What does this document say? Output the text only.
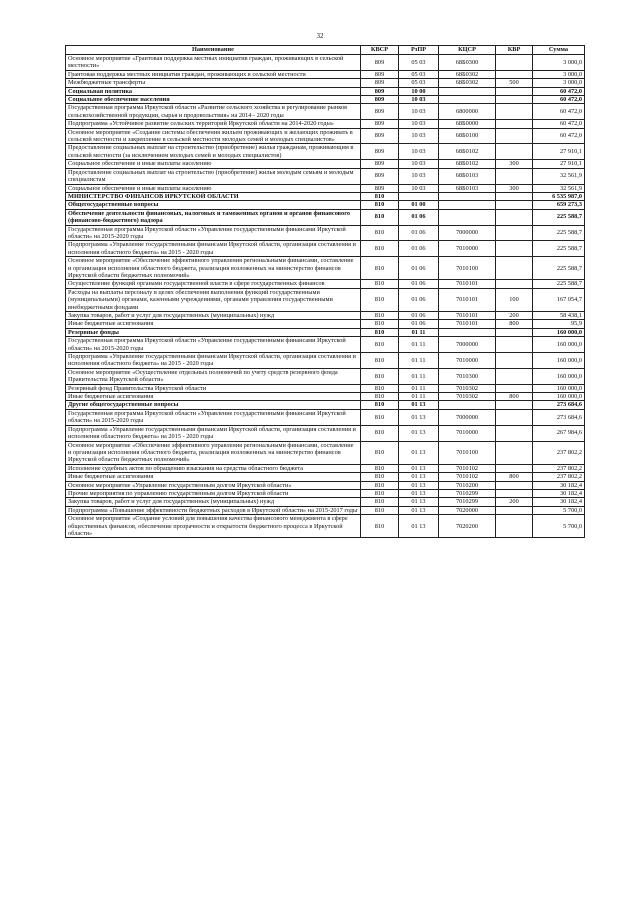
32
Наименование	КВСР	РзПР	КЦСР	КВР	Сумма
Основное мероприятие «Грантовая поддержка местных инициатив граждан, проживающих в сельской местности»	809	05 03	68Б0300		3 000,0
Грантовая поддержка местных инициатив граждан, проживающих в сельской местности	809	05 03	68Б0302		3 000,0
Межбюджетные трансферты	809	05 03	68Б0302	500	3 000,0
Социальная политика	809	10 00			60 472,0
Социальное обеспечение населения	809	10 03			60 472,0
Государственная программа Иркутской области «Развитие сельского хозяйства и регулирование рынков сельскохозяйственной продукции, сырья и продовольствия» на 2014 - 2020 годы	809	10 03	6800000		60 472,0
Подпрограмма «Устойчивое развитие сельских территорий Иркутской области на 2014-2020 годы»	809	10 03	68Б0000		60 472,0
Основное мероприятие «Создание системы обеспечения жильем проживающих и желающих проживать в сельской местности и закрепление в сельской местности молодых семей и молодых специалистов»	809	10 03	68Б0100		60 472,0
Предоставление социальных выплат на строительство (приобретение) жилья гражданам, проживающим в сельской местности (за исключением молодых семей и молодых специалистов)	809	10 03	68Б0102		27 910,1
Социальное обеспечение и иные выплаты населению	809	10 03	68Б0102	300	27 910,1
Предоставление социальных выплат на строительство (приобретение) жилья молодым семьям и молодым специалистам	809	10 03	68Б0103		32 561,9
Социальное обеспечение и иные выплаты населению	809	10 03	68Б0103	300	32 561,9
МИНИСТЕРСТВО ФИНАНСОВ ИРКУТСКОЙ ОБЛАСТИ	810				6 535 987,0
Общегосударственные вопросы	810	01 00			659 273,3
Обеспечение деятельности финансовых, налоговых и таможенных органов и органов финансового (финансово-бюджетного) надзора	810	01 06			225 588,7
Государственная программа Иркутской области «Управление государственными финансами Иркутской области» на 2015-2020 годы	810	01 06	7000000		225 588,7
Подпрограмма «Управление государственными финансами Иркутской области, организация составления и исполнения областного бюджета» на 2015 - 2020 годы	810	01 06	7010000		225 588,7
Основное мероприятие «Обеспечение эффективного управления региональными финансами, составление и организация исполнения областного бюджета, реализация возложенных на министерство финансов Иркутской области бюджетных полномочий»	810	01 06	7010100		225 588,7
Осуществление функций органами государственной власти в сфере государственных финансов	810	01 06	7010101		225 588,7
Расходы на выплаты персоналу в целях обеспечения выполнения функций государственными (муниципальными) органами, казенными учреждениями, органами управления государственными внебюджетными фондами	810	01 06	7010101	100	167 054,7
Закупка товаров, работ и услуг для государственных (муниципальных) нужд	810	01 06	7010101	200	58 438,1
Иные бюджетные ассигнования	810	01 06	7010101	800	95,9
Резервные фонды	810	01 11			160 000,0
Государственная программа Иркутской области «Управление государственными финансами Иркутской области» на 2015-2020 годы	810	01 11	7000000		160 000,0
Подпрограмма «Управление государственными финансами Иркутской области, организация составления и исполнения областного бюджета» на 2015 - 2020 годы	810	01 11	7010000		160 000,0
Основное мероприятие «Осуществление отдельных полномочий по учету средств резервного фонда Правительства Иркутской области»	810	01 11	7010300		160 000,0
Резервный фонд Правительства Иркутской области	810	01 11	7010302		160 000,0
Иные бюджетные ассигнования	810	01 11	7010302	800	160 000,0
Другие общегосударственные вопросы	810	01 13			273 684,6
Государственная программа Иркутской области «Управление государственными финансами Иркутской области» на 2015-2020 годы	810	01 13	7000000		273 684,6
Подпрограмма «Управление государственными финансами Иркутской области, организация составления и исполнения областного бюджета» на 2015 - 2020 годы	810	01 13	7010000		267 984,6
Основное мероприятие «Обеспечение эффективного управления региональными финансами, составление и организация исполнения областного бюджета, реализация возложенных на министерство финансов Иркутской области бюджетных полномочий»	810	01 13	7010100		237 802,2
Исполнение судебных актов по обращению взыскания на средства областного бюджета	810	01 13	7010102		237 802,2
Иные бюджетные ассигнования	810	01 13	7010102	800	237 802,2
Основное мероприятие «Управление государственным долгом Иркутской области»	810	01 13	7010200		30 182,4
Прочие мероприятия по управлению государственным долгом Иркутской области	810	01 13	7010299		30 182,4
Закупка товаров, работ и услуг для государственных (муниципальных) нужд	810	01 13	7010299	200	30 182,4
Подпрограмма «Повышение эффективности бюджетных расходов в Иркутской области» на 2015-2017 годы	810	01 13	7020000		5 700,0
Основное мероприятие «Создание условий для повышения качества финансового менеджмента в сфере общественных финансов, обеспечение прозрачности и открытости бюджетного процесса в Иркутской области»	810	01 13	7020200		5 700,0
